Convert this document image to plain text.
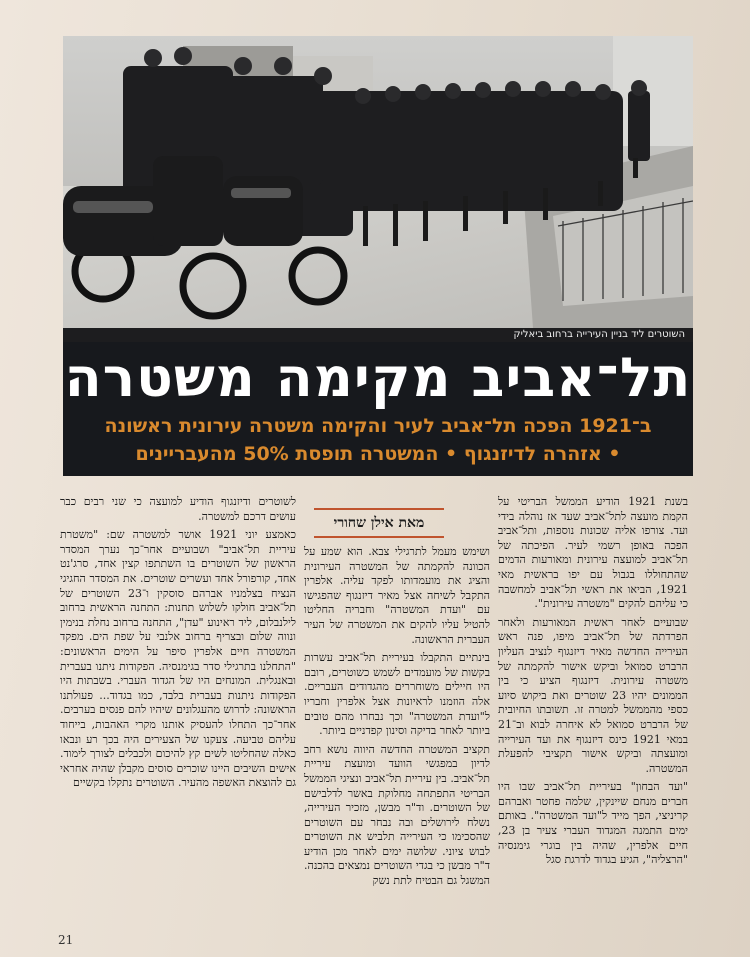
השוטרים ליד בניין העירייה ברחוב ביאליק
תל־אביב מקימה משטרה
ב־1921 הפכה תל־אביב לעיר והקימה משטרה עירונית ראשונה
• אזהרה לדיזנגוף • המשטרה תופסת 50% מהעבריינים
מאת אילן שחורי

בשנת 1921 הודיע הממשל הבריטי על הקמת מועצה לתל־אביב שעד אז נוהלה בידי ועד. צורפו אליה שכונות נוספות, ותל־אביב הפכה באופן רשמי לעיר. הפיכתה של תל־אביב למועצה עירונית ומאורעות הדמים שהתחוללו בגבול עם יפו בראשית מאי 1921, הביאו את ראשי תל־אביב למחשבה כי עליהם להקים "משטרה עירונית".

שבועיים לאחר ראשית המאורעות ולאחר הפרדתה של תל־אביב מיפו, פנה ראש העירייה החדשה מאיר דיזנגוף לנציב העליון הרברט סמואל וביקש אישור להקמתה של משטרה עירונית. דיזנגוף הציע כי בין הממונים יהיו 23 שוטרים ואת ביקוש סיוע כספי מהממשל למטרה זו. תשובתו החיובית של הרברט סמואל לא איחרה לבוא וב־21 במאי 1921 כינס דיזנגוף את ועד העירייה ומועצתה וביקש אישור תקציבי להפעלת המשטרה.

"ועד הבחון" בעיריית תל־אביב שבו היו חברים מנחם שיינקין, שלמה פחטר ואברהם קריניצי, הפך מייד ל"ועד המשטרה". באותם ימים התמנה המגדוד העברי צעיר בן 23, חיים אלפרין, שהיה בין בוגרי גימנסיה "הרצליה", הגיע בגדוד לדרגת סגל

ושימש מעמל לתרגילי צבא. הוא שמע על הכוונה להקמתה של המשטרה העירונית והציג את מועמדותו לפקד עליה. אלפרין התקבל לשיחה אצל מאיר דיזנגוף שהפגישו עם "ועדת המשטרה" וחבריה החליטו להטיל עליו להקים את המשטרה של העיר העברית הראשונה.

בינתיים התקבלו בעיריית תל־אביב עשרות בקשות של מועמדים לשמש כשוטרים, רובם היו חיילים משוחררים מהגדודים העבריים. אלה הוזמנו לראיונות אצל אלפרין וחבריו ל"ועדת המשטרה" וכך נבחרו מהם טובים ביותר לאחר בדיקה וסינון קפדניים ביותר.

תקציב המשטרה החדשה היווה נושא רחב לדיון במפגשי הוועד ומועצת עיריית תל־אביב. בין עיריית תל־אביב ונציגי הממשל הבריטי התפתחה מחלוקת באשר לדלבישם של השוטרים. וד"ר מבשן, מזכיר העירייה, נשלח לירושלים ובה נבחר עם השוטרים שהסכימו כי העירייה תלביש את השוטרים לבוש ציוני. שלושה ימים לאחר מכן הודיע ד"ר מבשן כי בגדי השוטרים נמצאים בהכנה. המשגל גם הבטיח לתת נשק

לשוטרים ודיזנגוף הודיע למועצה כי שני רבים כבר עושים דרכם למשטרה.

כאמצע יוני 1921 אושר למשטרה שם: "משטרת עיריית תל־אביב" ושבועיים אחר־כך נערך המסדר הראשון של השוטרים בו השתתפו קצין אחד, סרג'נט אחד, קורפורל אחד ועשרים שוטרים. את המסדר החגיגי הנציח בצלמניו אברהם סוסקין ו־23 השוטרים של תל־אביב חולקו לשלוש תחנות: התחנה הראשית ברחוב לילנבלום, ליד ראינוע "עדן", התחנה ברחוב נחלת בנימין ונווה שלום ובצריף ברחוב אלנבי על שפת הים. מפקד המשטרה חיים אלפרין סיפר על הימים הראשונים: "התחלנו בתרגילי סדר בגימנסיה. הפקודות ניתנו בעברית ובאנגלית. המונחים היו של הגדוד העברי. בשבתות היו הפקודות ניתנות בעברית בלבד, כמו בגדוד... פעולתנו הראשונה: לדרוש מהעגלונים שיהיו להם פנסים בערבים. אחר־כך התחלו להעסיק אותנו מקרי האהבות, בייחוד עליהם טביעה. צעקנו של הצעירים היה בכך רע ונבאו כאלה שהחליטו לשים קץ להיכום ולכבלים לצורך לימוד. אישים השיבים היינו שוכרים סוסים מקבלן שהיה אחראי גם להוצאת האשפה מהעיר. השוטרים נתקלו בקשיים

21
